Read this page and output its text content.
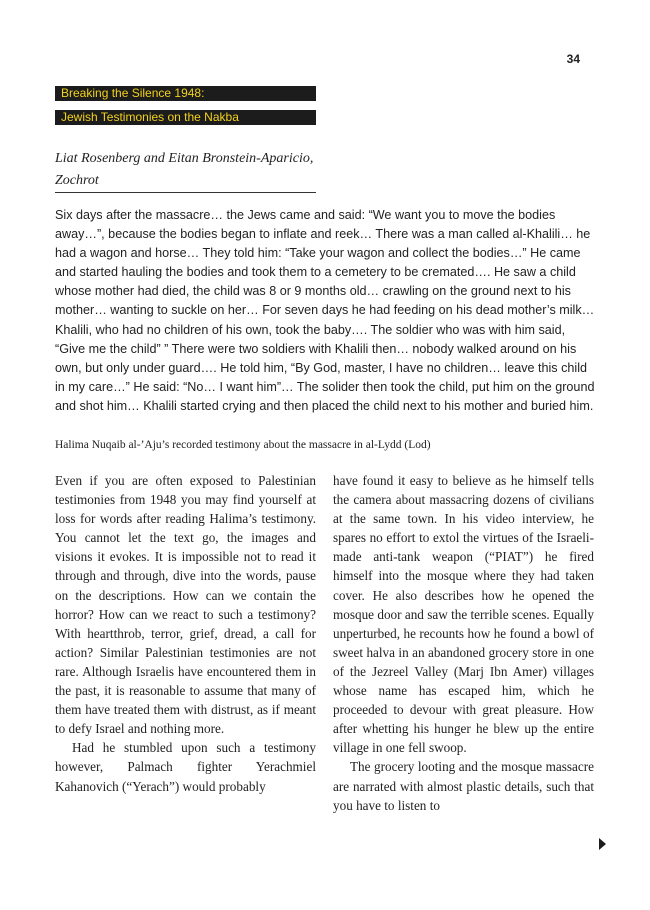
34
Breaking the Silence 1948:
Jewish Testimonies on the Nakba
Liat Rosenberg and Eitan Bronstein-Aparicio, Zochrot

Six days after the massacre… the Jews came and said: “We want you to move the bodies away…”, because the bodies began to inflate and reek… There was a man called al-Khalili… he had a wagon and horse… They told him: “Take your wagon and collect the bodies…” He came and started hauling the bodies and took them to a cemetery to be cremated…. He saw a child whose mother had died, the child was 8 or 9 months old… crawling on the ground next to his mother… wanting to suckle on her… For seven days he had feeding on his dead mother’s milk… Khalili, who had no children of his own, took the baby…. The soldier who was with him said, “Give me the child” ” There were two soldiers with Khalili then… nobody walked around on his own, but only under guard…. He told him, “By God, master, I have no children… leave this child in my care…” He said: “No… I want him”… The solider then took the child, put him on the ground and shot him… Khalili started crying and then placed the child next to his mother and buried him.

Halima Nuqaib al-’Aju’s recorded testimony about the massacre in al-Lydd (Lod)

Even if you are often exposed to Palestinian testimonies from 1948 you may find yourself at loss for words after reading Halima’s testimony. You cannot let the text go, the images and visions it evokes. It is impossible not to read it through and through, dive into the words, pause on the descriptions. How can we contain the horror? How can we react to such a testimony? With heartthrob, terror, grief, dread, a call for action? Similar Palestinian testimonies are not rare. Although Israelis have encountered them in the past, it is reasonable to assume that many of them have treated them with distrust, as if meant to defy Israel and nothing more.

Had he stumbled upon such a testimony however, Palmach fighter Yerachmiel Kahanovich (“Yerach”) would probably

have found it easy to believe as he himself tells the camera about massacring dozens of civilians at the same town. In his video interview, he spares no effort to extol the virtues of the Israeli-made anti-tank weapon (“PIAT”) he fired himself into the mosque where they had taken cover. He also describes how he opened the mosque door and saw the terrible scenes. Equally unperturbed, he recounts how he found a bowl of sweet halva in an abandoned grocery store in one of the Jezreel Valley (Marj Ibn Amer) villages whose name has escaped him, which he proceeded to devour with great pleasure. How after whetting his hunger he blew up the entire village in one fell swoop.

The grocery looting and the mosque massacre are narrated with almost plastic details, such that you have to listen to
